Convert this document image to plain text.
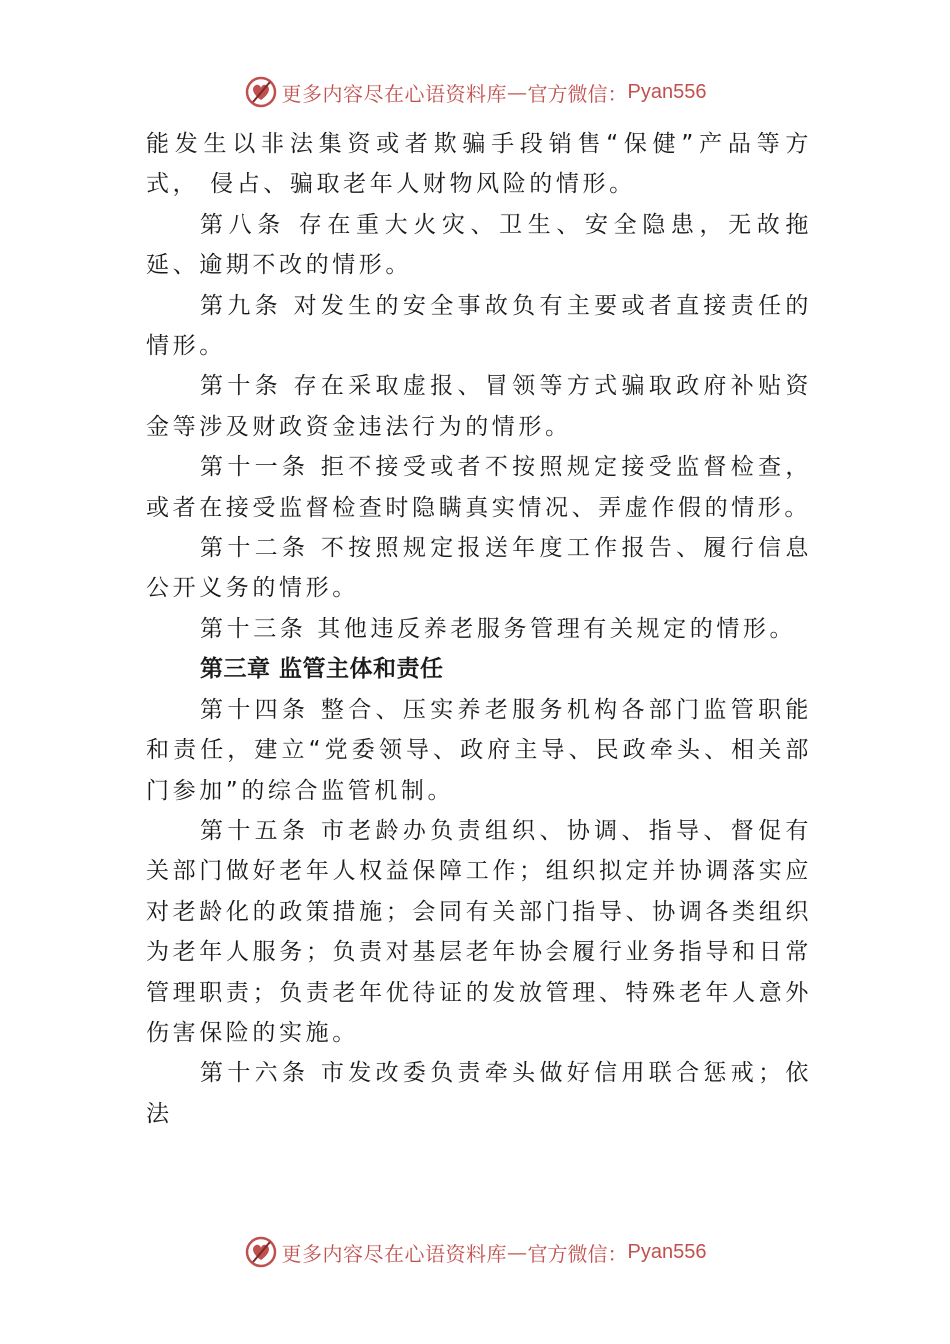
更多内容尽在心语资料库 — 官方微信： Pyan556

能发生以非法集资或者欺骗手段销售“保健”产品等方式， 侵占、骗取老年人财物风险的情形。

第八条 存在重大火灾、卫生、安全隐患，无故拖延、逾期不改的情形。

第九条 对发生的安全事故负有主要或者直接责任的情形。

第十条 存在采取虚报、冒领等方式骗取政府补贴资金等涉及财政资金违法行为的情形。

第十一条 拒不接受或者不按照规定接受监督检查，或者在接受监督检查时隐瞒真实情况、弄虚作假的情形。

第十二条 不按照规定报送年度工作报告、履行信息公开义务的情形。

第十三条 其他违反养老服务管理有关规定的情形。

第三章 监管主体和责任

第十四条 整合、压实养老服务机构各部门监管职能和责任，建立“党委领导、政府主导、民政牵头、相关部门参加”的综合监管机制。

第十五条 市老龄办负责组织、协调、指导、督促有关部门做好老年人权益保障工作；组织拟定并协调落实应对老龄化的政策措施；会同有关部门指导、协调各类组织为老年人服务；负责对基层老年协会履行业务指导和日常管理职责；负责老年优待证的发放管理、特殊老年人意外伤害保险的实施。

第十六条 市发改委负责牵头做好信用联合惩戒；依法

更多内容尽在心语资料库 — 官方微信： Pyan556
